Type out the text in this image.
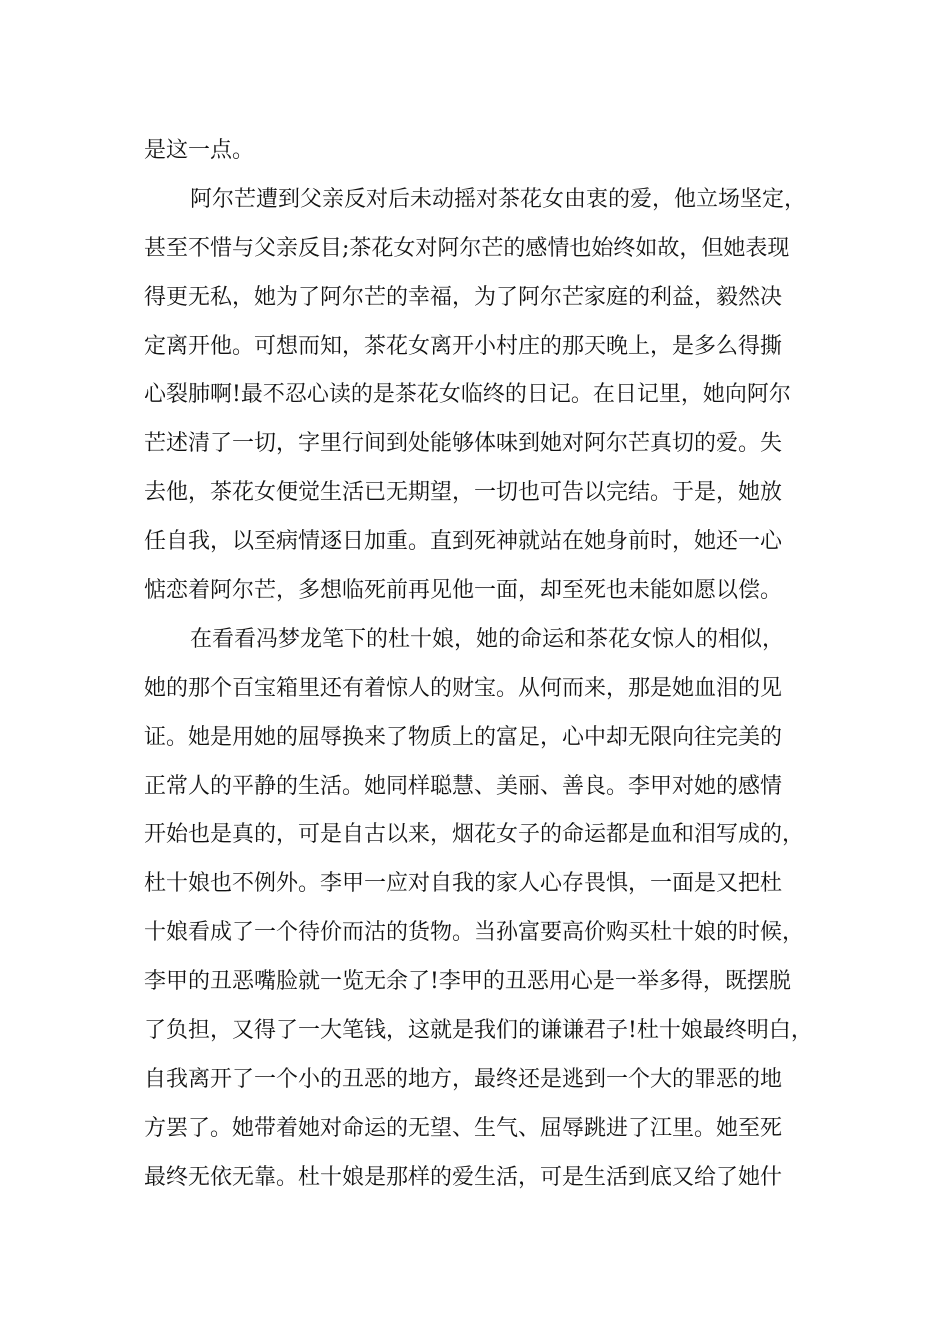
是这一点。
阿尔芒遭到父亲反对后未动摇对茶花女由衷的爱，他立场坚定，
甚至不惜与父亲反目;茶花女对阿尔芒的感情也始终如故，但她表现
得更无私，她为了阿尔芒的幸福，为了阿尔芒家庭的利益，毅然决
定离开他。可想而知，茶花女离开小村庄的那天晚上，是多么得撕
心裂肺啊!最不忍心读的是茶花女临终的日记。在日记里，她向阿尔
芒述清了一切，字里行间到处能够体味到她对阿尔芒真切的爱。失
去他，茶花女便觉生活已无期望，一切也可告以完结。于是，她放
任自我，以至病情逐日加重。直到死神就站在她身前时，她还一心
惦恋着阿尔芒，多想临死前再见他一面，却至死也未能如愿以偿。
在看看冯梦龙笔下的杜十娘，她的命运和茶花女惊人的相似，
她的那个百宝箱里还有着惊人的财宝。从何而来，那是她血泪的见
证。她是用她的屈辱换来了物质上的富足，心中却无限向往完美的
正常人的平静的生活。她同样聪慧、美丽、善良。李甲对她的感情
开始也是真的，可是自古以来，烟花女子的命运都是血和泪写成的，
杜十娘也不例外。李甲一应对自我的家人心存畏惧，一面是又把杜
十娘看成了一个待价而沽的货物。当孙富要高价购买杜十娘的时候，
李甲的丑恶嘴脸就一览无余了!李甲的丑恶用心是一举多得，既摆脱
了负担，又得了一大笔钱，这就是我们的谦谦君子!杜十娘最终明白，
自我离开了一个小的丑恶的地方，最终还是逃到一个大的罪恶的地
方罢了。她带着她对命运的无望、生气、屈辱跳进了江里。她至死
最终无依无靠。杜十娘是那样的爱生活，可是生活到底又给了她什
